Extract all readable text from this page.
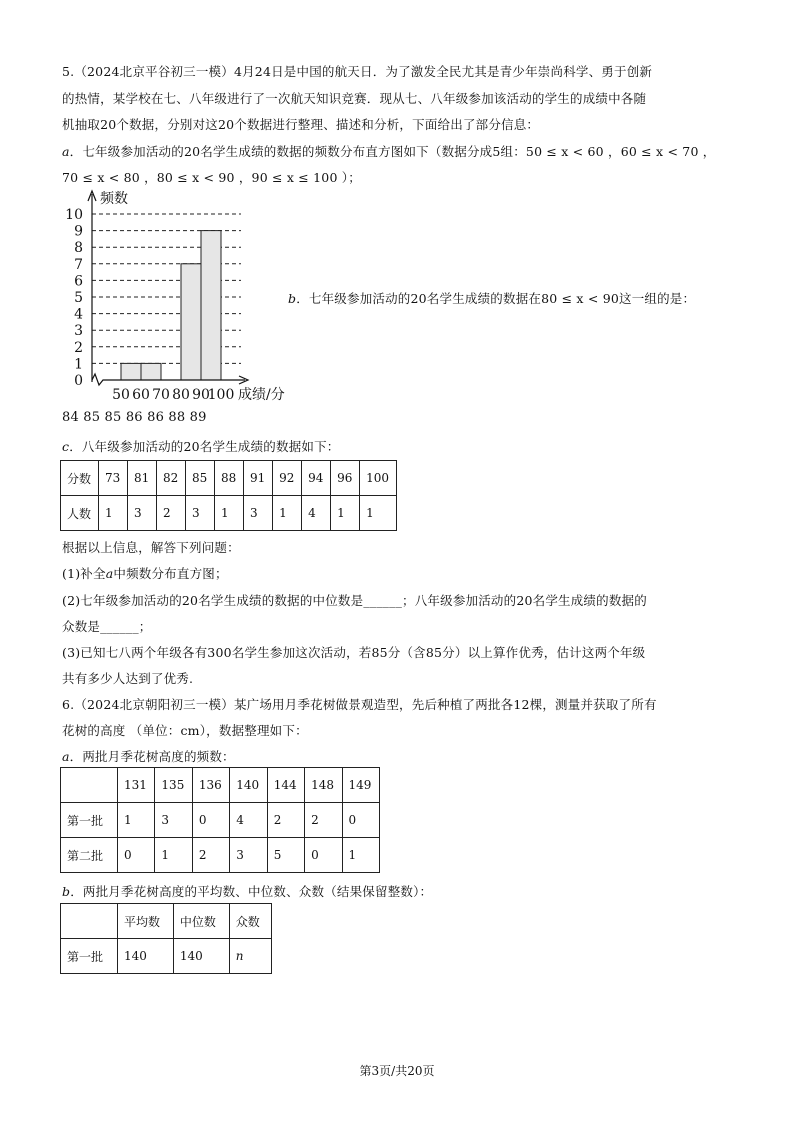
5.（2024北京平谷初三一模）4月24日是中国的航天日．为了激发全民尤其是青少年崇尚科学、勇于创新
的热情，某学校在七、八年级进行了一次航天知识竞赛．现从七、八年级参加该活动的学生的成绩中各随
机抽取20个数据，分别对这20个数据进行整理、描述和分析，下面给出了部分信息：
a．七年级参加活动的20名学生成绩的数据的频数分布直方图如下（数据分成5组：50 ≤ x < 60 ，60 ≤ x < 70 ，
70 ≤ x < 80 ，80 ≤ x < 90 ，90 ≤ x ≤ 100 ）；
0
1
2
3
4
5
6
7
8
9
10
50 60 70 80 90
100
频数
成绩/分
b．七年级参加活动的20名学生成绩的数据在80 ≤ x < 90这一组的是：
84 85 85 86 86 88 89
c．八年级参加活动的20名学生成绩的数据如下：
分数	73	81	82	85	88	91	92	94	96	100
人数	1	3	2	3	1	3	1	4	1	1
根据以上信息，解答下列问题：
(1)补全a中频数分布直方图；
(2)七年级参加活动的20名学生成绩的数据的中位数是______；八年级参加活动的20名学生成绩的数据的
众数是______；
(3)已知七八两个年级各有300名学生参加这次活动，若85分（含85分）以上算作优秀，估计这两个年级
共有多少人达到了优秀.
6.（2024北京朝阳初三一模）某广场用月季花树做景观造型，先后种植了两批各12棵，测量并获取了所有
花树的高度 （单位：cm），数据整理如下：
a．两批月季花树高度的频数：
	131	135	136	140	144	148	149
第一批	1	3	0	4	2	2	0
第二批	0	1	2	3	5	0	1
b．两批月季花树高度的平均数、中位数、众数（结果保留整数）：
	平均数	中位数	众数
第一批	140	140	n
第3页/共20页
